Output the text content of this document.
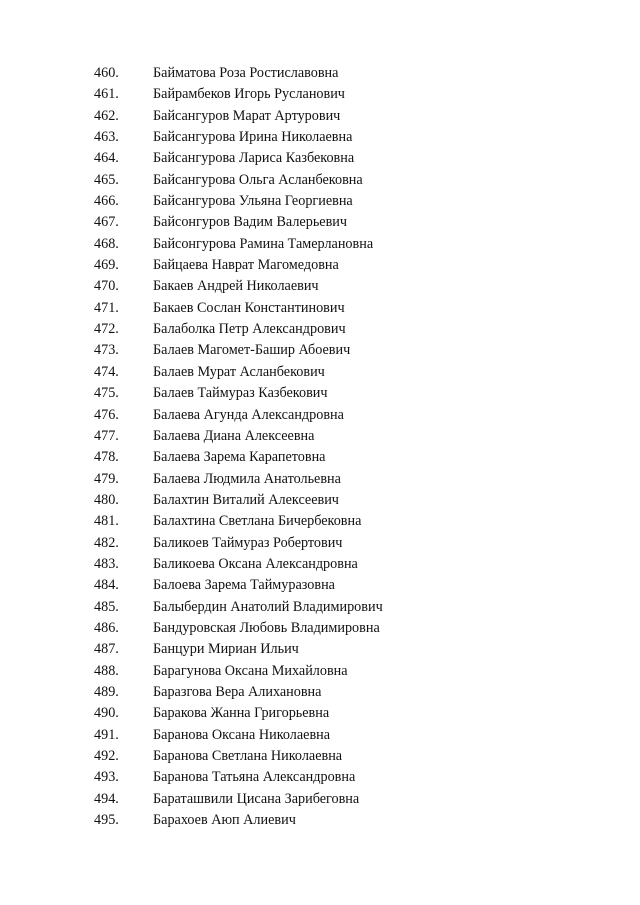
460. Байматова Роза Ростиславовна
461. Байрамбеков Игорь Русланович
462. Байсангуров Марат Артурович
463. Байсангурова Ирина Николаевна
464. Байсангурова Лариса Казбековна
465. Байсангурова Ольга Асланбековна
466. Байсангурова Ульяна Георгиевна
467. Байсонгуров Вадим Валерьевич
468. Байсонгурова Рамина Тамерлановна
469. Байцаева Наврат Магомедовна
470. Бакаев Андрей Николаевич
471. Бакаев Сослан Константинович
472. Балаболка Петр Александрович
473. Балаев Магомет-Башир Абоевич
474. Балаев Мурат Асланбекович
475. Балаев Таймураз Казбекович
476. Балаева Агунда Александровна
477. Балаева Диана Алексеевна
478. Балаева Зарема Карапетовна
479. Балаева Людмила Анатольевна
480. Балахтин Виталий Алексеевич
481. Балахтина Светлана Бичербековна
482. Баликоев Таймураз Робертович
483. Баликоева Оксана Александровна
484. Балоева Зарема Таймуразовна
485. Балыбердин Анатолий Владимирович
486. Бандуровская Любовь Владимировна
487. Банцури Мириан Ильич
488. Барагунова Оксана Михайловна
489. Баразгова Вера Алихановна
490. Баракова Жанна Григорьевна
491. Баранова Оксана Николаевна
492. Баранова Светлана Николаевна
493. Баранова Татьяна Александровна
494. Бараташвили Цисана Зарибеговна
495. Барахоев Аюп Алиевич
